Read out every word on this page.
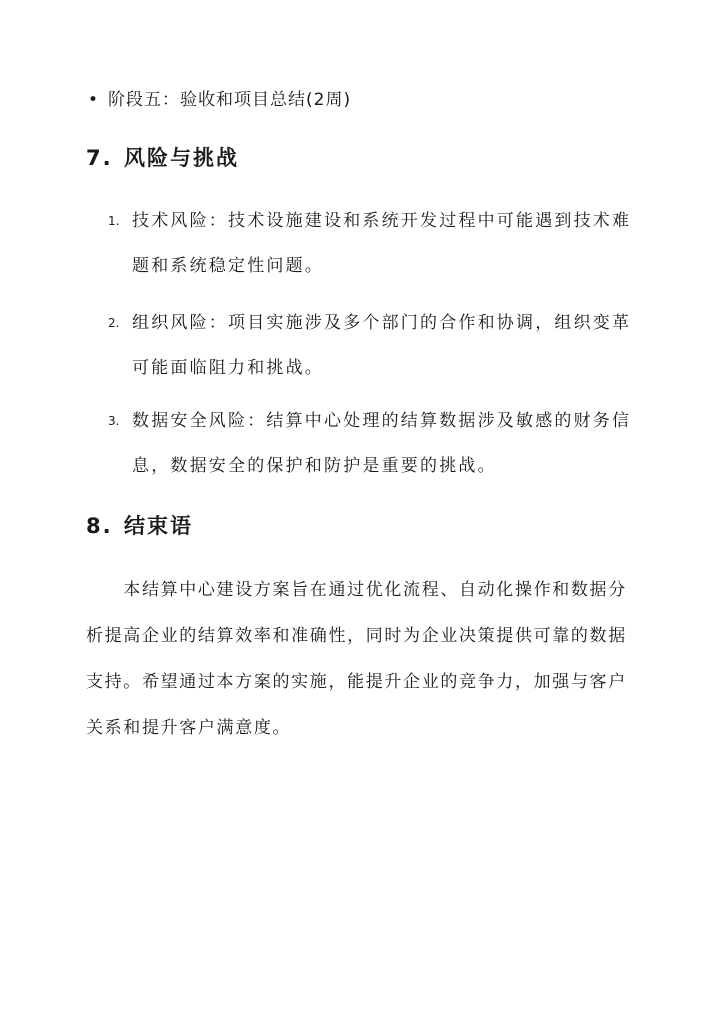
• 阶段五：验收和项目总结(2周)
7. 风险与挑战
1. 技术风险：技术设施建设和系统开发过程中可能遇到技术难

题和系统稳定性问题。

2. 组织风险：项目实施涉及多个部门的合作和协调，组织变革

可能面临阻力和挑战。

3. 数据安全风险：结算中心处理的结算数据涉及敏感的财务信

息，数据安全的保护和防护是重要的挑战。

8. 结束语

　　本结算中心建设方案旨在通过优化流程、自动化操作和数据分

析提高企业的结算效率和准确性，同时为企业决策提供可靠的数据

支持。希望通过本方案的实施，能提升企业的竞争力，加强与客户

关系和提升客户满意度。
